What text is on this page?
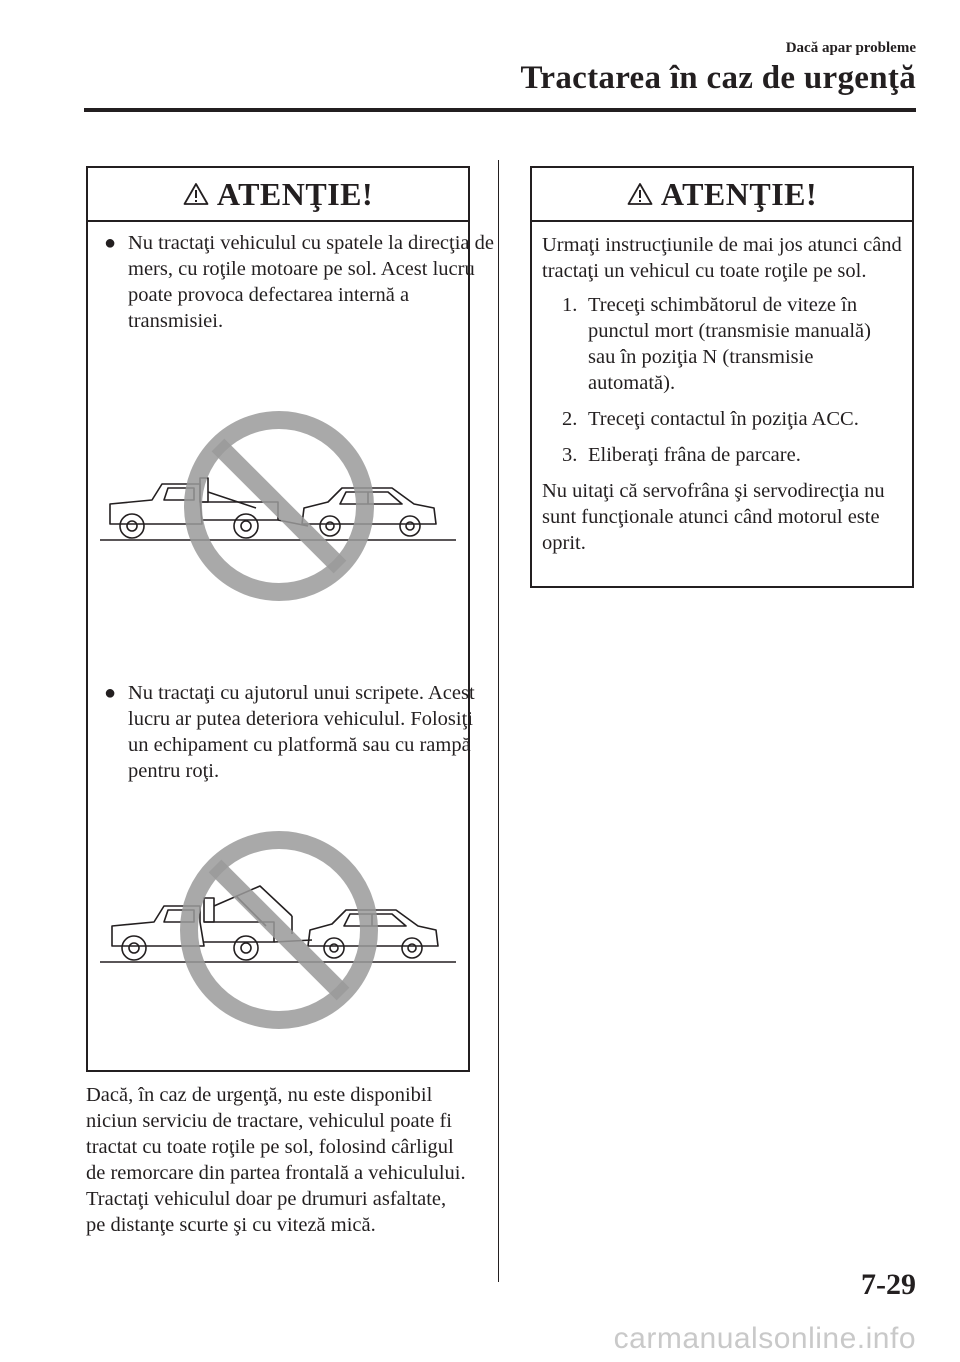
Dacă apar probleme
Tractarea în caz de urgenţă
ATENŢIE!
● Nu tractaţi vehiculul cu spatele la direcţia de mers, cu roţile motoare pe sol. Acest lucru poate provoca defectarea internă a transmisiei.
● Nu tractaţi cu ajutorul unui scripete. Acest lucru ar putea deteriora vehiculul. Folosiţi un echipament cu platformă sau cu rampă pentru roţi.
Dacă, în caz de urgenţă, nu este disponibil niciun serviciu de tractare, vehiculul poate fi tractat cu toate roţile pe sol, folosind cârligul de remorcare din partea frontală a vehiculului.
Tractaţi vehiculul doar pe drumuri asfaltate, pe distanţe scurte şi cu viteză mică.
ATENŢIE!
Urmaţi instrucţiunile de mai jos atunci când tractaţi un vehicul cu toate roţile pe sol.
1. Treceţi schimbătorul de viteze în punctul mort (transmisie manuală) sau în poziţia N (transmisie automată).
2. Treceţi contactul în poziţia ACC.
3. Eliberaţi frâna de parcare.
Nu uitaţi că servofrâna şi servodirecţia nu sunt funcţionale atunci când motorul este oprit.
7-29
carmanualsonline.info
